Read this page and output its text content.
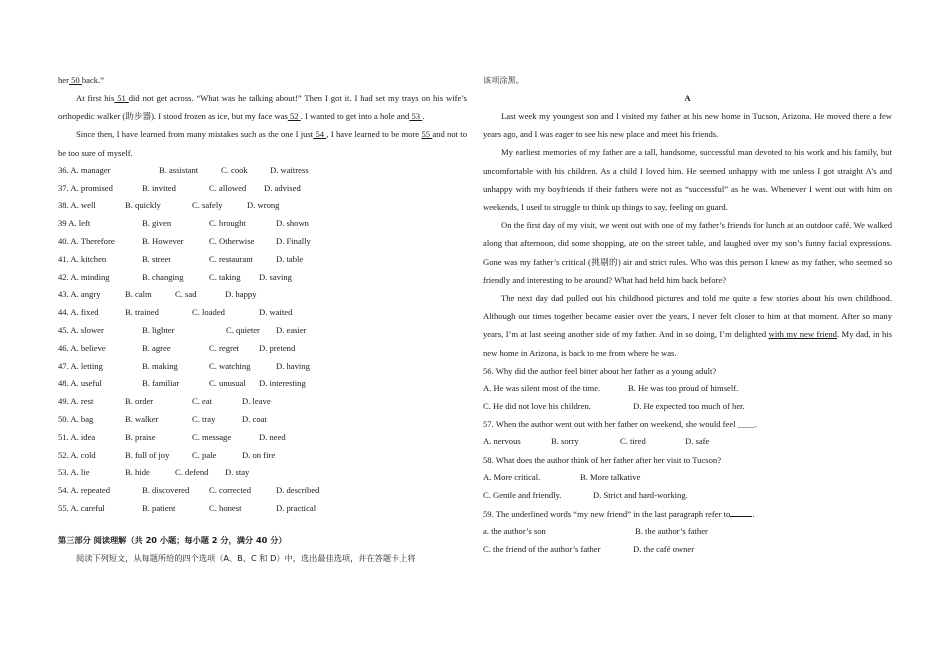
her 50 back.”
At first his 51 did not get across. “What was he talking about!” Then I got it. I had set my trays on his wife’s orthopedic walker (助步器). I stood frozen as ice, but my face was 52 . I wanted to get into a hole and 53 .
Since then, I have learned from many mistakes such as the one I just 54 , I have learned to be more 55 and not to be too sure of myself.
36. A. manager	B. assistant	C. cook	D. waitress
37. A. promised	B. invited	C. allowed	D. advised
38. A. well	B. quickly	C. safely	D. wrong
39 A. left	B. given	C. brought	D. shown
40. A. Therefore	B. However	C. Otherwise	D. Finally
41. A. kitchen	B. street	C. restaurant	D. table
42. A. minding	B. changing	C. taking	D. saving
43. A. angry	B. calm	C. sad	D. happy
44. A. fixed	B. trained	C. loaded	D. waited
45. A. slower	B. lighter	C. quieter	D. easier
46. A. believe	B. agree	C. regret	D. pretend
47. A. letting	B. making	C. watching	D. having
48. A. useful	B. familiar	C. unusual	D. interesting
49. A. rest	B. order	C. eat	D. leave
50. A. bag	B. walker	C. tray	D. coat
51. A. idea	B. praise	C. message	D. need
52. A. cold	B. full of joy	C. pale	D. on fire
53. A. lie	B. hide	C. defend	D. stay
54. A. repeated	B. discovered	C. corrected	D. described
55. A. careful	B. patient	C. honest	D. practical
第三部分 阅读理解（共 20 小题；每小题 2 分，满分 40 分）
阅读下列短文，从每题所给的四个选项（A、B、C 和 D）中，选出最佳选项，并在答题卡上将
该项涂黑。
A
Last week my youngest son and I visited my father at his new home in Tucson, Arizona. He moved there a few years ago, and I was eager to see his new place and meet his friends.
My earliest memories of my father are a tall, handsome, successful man devoted to his work and his family, but uncomfortable with his children. As a child I loved him. He seemed unhappy with me unless I got straight A’s and unhappy with my boyfriends if their fathers were not as “successful” as he was. Whenever I went out with him on weekends, I used to struggle to think up things to say, feeling on guard.
On the first day of my visit, we went out with one of my father’s friends for lunch at an outdoor café. We walked along that afternoon, did some shopping, ate on the street table, and laughed over my son’s funny facial expressions. Gone was my father’s critical (挑剔的) air and strict rules. Who was this person I knew as my father, who seemed so friendly and interesting to be around? What had held him back before?
The next day dad pulled out his childhood pictures and told me quite a few stories about his own childhood. Although our times together became easier over the years, I never felt closer to him at that moment. After so many years, I’m at last seeing another side of my father. And in so doing, I’m delighted with my new friend. My dad, in his new home in Arizona, is back to me from where he was.
56. Why did the author feel bitter about her father as a young adult?
A. He was silent most of the time.	B. He was too proud of himself.
C. He did not love his children.	D. He expected too much of her.
57. When the author went out with her father on weekend, she would feel ____.
A. nervous	B. sorry	C. tired	D. safe
58. What does the author think of her father after her visit to Tucson?
A. More critical.	B. More talkative
C. Gentle and friendly.	D. Strict and hard-working.
59. The underlined words “my new friend” in the last paragraph refer to	.
a. the author’s son	B. the author’s father
C. the friend of the author’s father	D. the café owner
